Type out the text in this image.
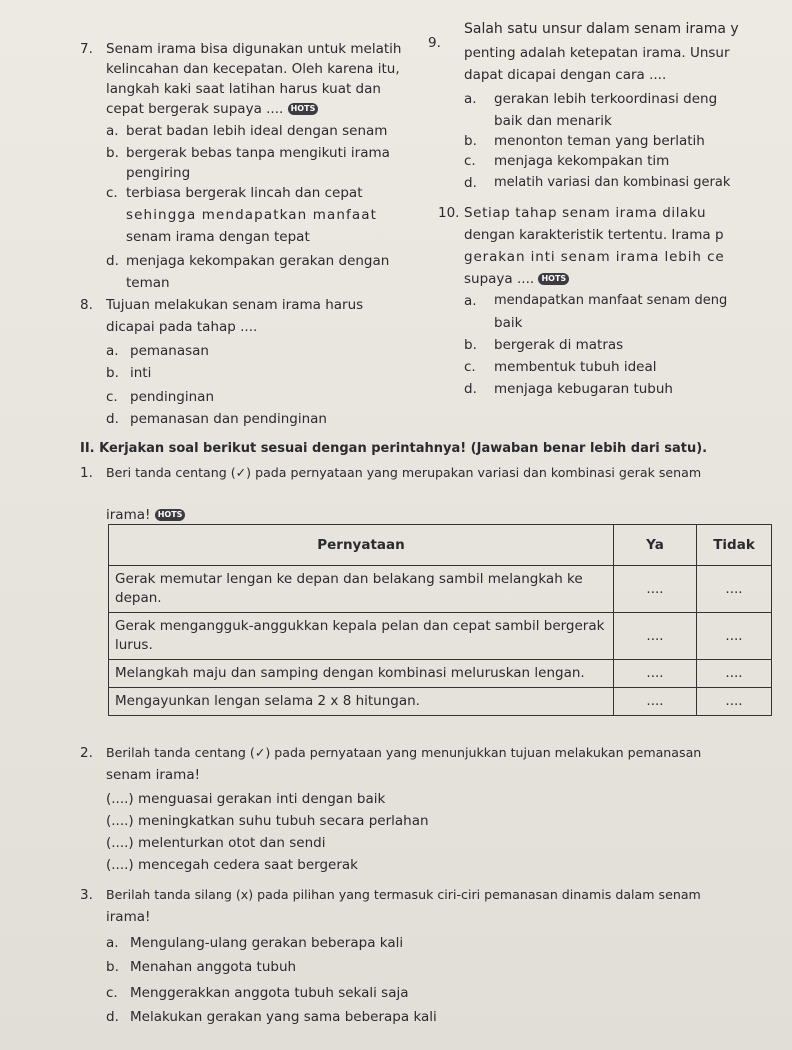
7. Senam irama bisa digunakan untuk melatih
kelincahan dan kecepatan. Oleh karena itu,
langkah kaki saat latihan harus kuat dan
cepat bergerak supaya .... HOTS
a. berat badan lebih ideal dengan senam
b. bergerak bebas tanpa mengikuti irama
pengiring
c. terbiasa bergerak lincah dan cepat
sehingga mendapatkan manfaat
senam irama dengan tepat
d. menjaga kekompakan gerakan dengan
teman
8. Tujuan melakukan senam irama harus
dicapai pada tahap ....
a. pemanasan
b. inti
c. pendinginan
d. pemanasan dan pendinginan
9.
Salah satu unsur dalam senam irama y
penting adalah ketepatan irama. Unsur
dapat dicapai dengan cara ....
a. gerakan lebih terkoordinasi deng
baik dan menarik
b. menonton teman yang berlatih
c. menjaga kekompakan tim
d. melatih variasi dan kombinasi gerak
10. Setiap tahap senam irama dilaku
dengan karakteristik tertentu. Irama p
gerakan inti senam irama lebih ce
supaya .... HOTS
a. mendapatkan manfaat senam deng
baik
b. bergerak di matras
c. membentuk tubuh ideal
d. menjaga kebugaran tubuh
II. Kerjakan soal berikut sesuai dengan perintahnya! (Jawaban benar lebih dari satu).
1. Beri tanda centang (✓) pada pernyataan yang merupakan variasi dan kombinasi gerak senam
irama! HOTS
Pernyataan	Ya	Tidak
Gerak memutar lengan ke depan dan belakang sambil melangkah ke depan.	....	....
Gerak mengangguk-anggukkan kepala pelan dan cepat sambil bergerak lurus.	....	....
Melangkah maju dan samping dengan kombinasi meluruskan lengan.	....	....
Mengayunkan lengan selama 2 x 8 hitungan.	....	....
2. Berilah tanda centang (✓) pada pernyataan yang menunjukkan tujuan melakukan pemanasan
senam irama!
(....) menguasai gerakan inti dengan baik
(....) meningkatkan suhu tubuh secara perlahan
(....) melenturkan otot dan sendi
(....) mencegah cedera saat bergerak
3. Berilah tanda silang (x) pada pilihan yang termasuk ciri-ciri pemanasan dinamis dalam senam
irama!
a. Mengulang-ulang gerakan beberapa kali
b. Menahan anggota tubuh
c. Menggerakkan anggota tubuh sekali saja
d. Melakukan gerakan yang sama beberapa kali
